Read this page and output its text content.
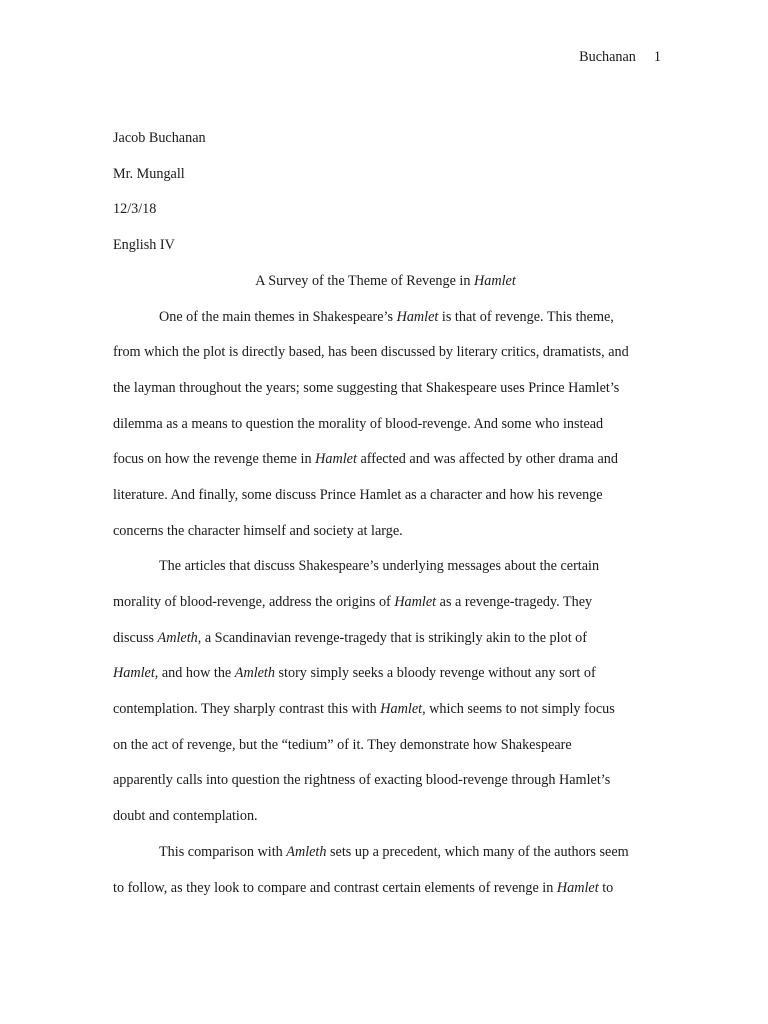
Buchanan 1
Jacob Buchanan
Mr. Mungall
12/3/18
English IV
A Survey of the Theme of Revenge in Hamlet
One of the main themes in Shakespeare’s Hamlet is that of revenge. This theme,
from which the plot is directly based, has been discussed by literary critics, dramatists, and
the layman throughout the years; some suggesting that Shakespeare uses Prince Hamlet’s
dilemma as a means to question the morality of blood-revenge. And some who instead
focus on how the revenge theme in Hamlet affected and was affected by other drama and
literature. And finally, some discuss Prince Hamlet as a character and how his revenge
concerns the character himself and society at large.
The articles that discuss Shakespeare’s underlying messages about the certain
morality of blood-revenge, address the origins of Hamlet as a revenge-tragedy. They
discuss Amleth, a Scandinavian revenge-tragedy that is strikingly akin to the plot of
Hamlet, and how the Amleth story simply seeks a bloody revenge without any sort of
contemplation. They sharply contrast this with Hamlet, which seems to not simply focus
on the act of revenge, but the “tedium” of it. They demonstrate how Shakespeare
apparently calls into question the rightness of exacting blood-revenge through Hamlet’s
doubt and contemplation.
This comparison with Amleth sets up a precedent, which many of the authors seem
to follow, as they look to compare and contrast certain elements of revenge in Hamlet to
